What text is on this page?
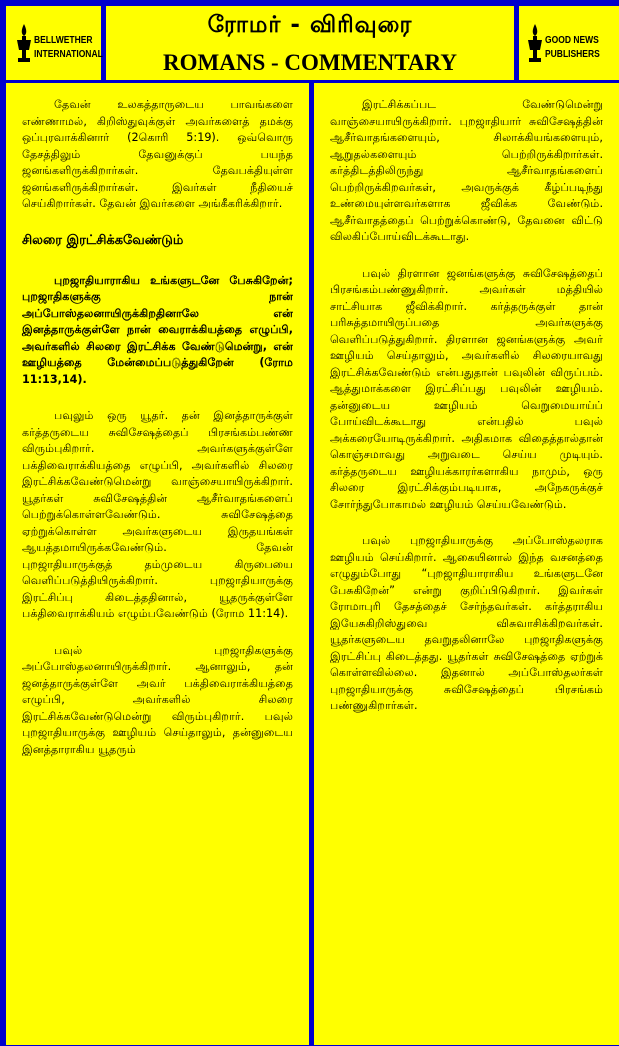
BELLWETHER
INTERNATIONAL
ரோமர் - விரிவுரை
ROMANS - COMMENTARY
GOOD NEWS
PUBLISHERS

தேவன் உலகத்தாருடைய பாவங்களை எண்ணாமல், கிறிஸ்துவுக்குள் அவர்களைத் தமக்கு ஒப்புரவாக்கினார் (2கொரி 5:19). ஒவ்வொரு தேசத்திலும் தேவனுக்குப் பயந்த ஜனங்களிருக்கிறார்கள். தேவபக்தியுள்ள ஜனங்களிருக்கிறார்கள். இவர்கள் நீதியைச் செய்கிறார்கள். தேவன் இவர்களை அங்கீகரிக்கிறார்.

சிலரை இரட்சிக்கவேண்டும்

புறஜாதியாராகிய உங்களுடனே பேசுகிறேன்; புறஜாதிகளுக்கு நான் அப்போஸ்தலனாயிருக்கிறதினாலே என் இனத்தாருக்குள்ளே நான் வைராக்கியத்தை எழுப்பி, அவர்களில் சிலரை இரட்சிக்க வேண்டுமென்று, என் ஊழியத்தை மேன்மைப்படுத்துகிறேன் (ரோம 11:13,14).

பவுலும் ஒரு யூதர். தன் இனத்தாருக்குள் கர்த்தருடைய சுவிசேஷத்தைப் பிரசங்கம்பண்ண விரும்புகிறார். அவர்களுக்குள்ளே பக்திவைராக்கியத்தை எழுப்பி, அவர்களில் சிலரை இரட்சிக்கவேண்டுமென்று வாஞ்சையாயிருக்கிறார். யூதர்கள் சுவிசேஷத்தின் ஆசீர்வாதங்களைப் பெற்றுக்கொள்ளவேண்டும். சுவிசேஷத்தை ஏற்றுக்கொள்ள அவர்களுடைய இருதயங்கள் ஆயத்தமாயிருக்கவேண்டும். தேவன் புறஜாதியாருக்குத் தம்முடைய கிருபையை வெளிப்படுத்தியிருக்கிறார். புறஜாதியாருக்கு இரட்சிப்பு கிடைத்ததினால், யூதருக்குள்ளே பக்திவைராக்கியம் எழும்பவேண்டும் (ரோம 11:14).

பவுல் புறஜாதிகளுக்கு அப்போஸ்தலனாயிருக்கிறார். ஆனாலும், தன் ஜனத்தாருக்குள்ளே அவர் பக்திவைராக்கியத்தை எழுப்பி, அவர்களில் சிலரை இரட்சிக்கவேண்டுமென்று விரும்புகிறார். பவுல் புறஜாதியாருக்கு ஊழியம் செய்தாலும், தன்னுடைய இனத்தாராகிய யூதரும்

இரட்சிக்கப்பட வேண்டுமென்று வாஞ்சையாயிருக்கிறார். புறஜாதியார் சுவிசேஷத்தின் ஆசீர்வாதங்களையும், சிலாக்கியங்களையும், ஆறுதல்களையும் பெற்றிருக்கிறார்கள். கர்த்திடத்திலிருந்து ஆசீர்வாதங்களைப் பெற்றிருக்கிறவர்கள், அவருக்குக் கீழ்ப்படிந்து உண்மையுள்ளவர்களாக ஜீவிக்க வேண்டும். ஆசீர்வாதத்தைப் பெற்றுக்கொண்டு, தேவனை விட்டு விலகிப்போய்விடக்கூடாது.

பவுல் திரளான ஜனங்களுக்கு சுவிசேஷத்தைப் பிரசங்கம்பண்ணுகிறார். அவர்கள் மத்தியில் சாட்சியாக ஜீவிக்கிறார். கர்த்தருக்குள் தான் பரிசுத்தமாயிருப்பதை அவர்களுக்கு வெளிப்படுத்துகிறார். திரளான ஜனங்களுக்கு அவர் ஊழியம் செய்தாலும், அவர்களில் சிலரையாவது இரட்சிக்கவேண்டும் என்பதுதான் பவுலின் விருப்பம். ஆத்துமாக்களை இரட்சிப்பது பவுலின் ஊழியம். தன்னுடைய ஊழியம் வெறுமையாய்ப் போய்விடக்கூடாது என்பதில் பவுல் அக்கரையோடிருக்கிறார். அதிகமாக விதைத்தால்தான் கொஞ்சமாவது அறுவடை செய்ய முடியும். கர்த்தருடைய ஊழியக்காரர்களாகிய நாமும், ஒரு சிலரை இரட்சிக்கும்படியாக, அநேகருக்குச் சோர்ந்துபோகாமல் ஊழியம் செய்யவேண்டும்.

பவுல் புறஜாதியாருக்கு அப்போஸ்தலராக ஊழியம் செய்கிறார். ஆகையினால் இந்த வசனத்தை எழுதும்போது “புறஜாதியாராகிய உங்களுடனே பேசுகிறேன்” என்று குறிப்பிடுகிறார். இவர்கள் ரோமாபுரி தேசத்தைச் சேர்ந்தவர்கள். கர்த்தராகிய இயேசுகிறிஸ்துவை விசுவாசிக்கிறவர்கள். யூதர்களுடைய தவறுதலினாலே புறஜாதிகளுக்கு இரட்சிப்பு கிடைத்தது. யூதர்கள் சுவிசேஷத்தை ஏற்றுக் கொள்ளவில்லை. இதனால் அப்போஸ்தலர்கள் புறஜாதியாருக்கு சுவிசேஷத்தைப் பிரசங்கம் பண்ணுகிறார்கள்.
